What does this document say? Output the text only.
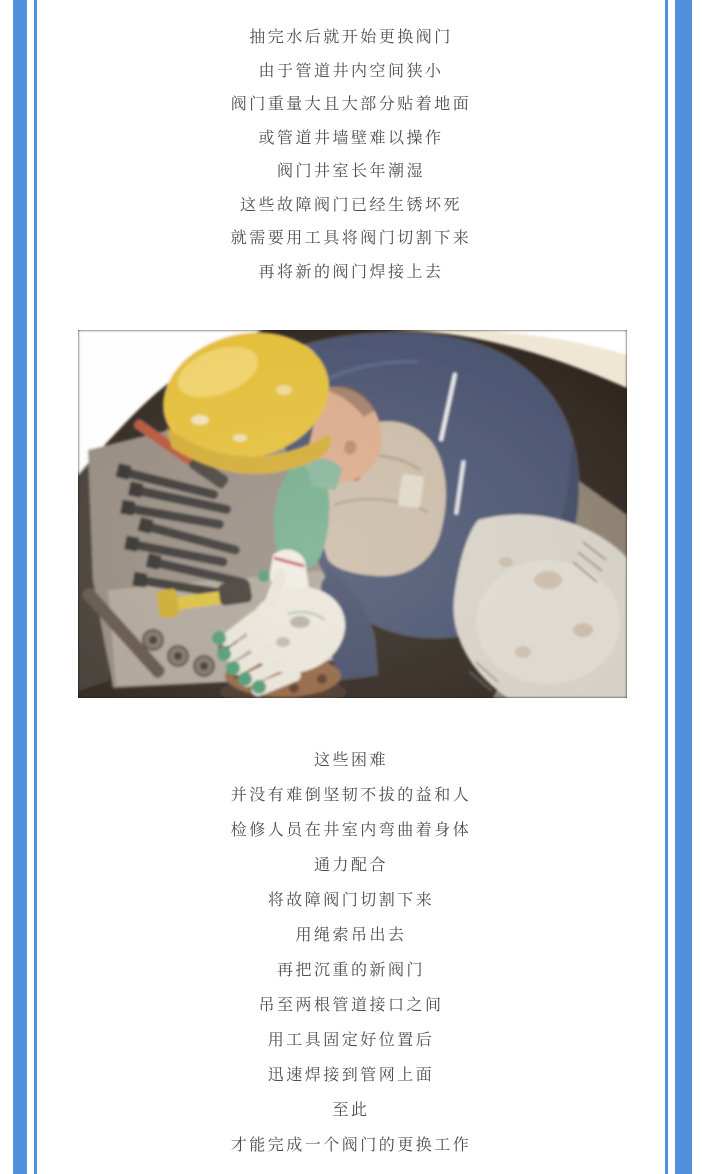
抽完水后就开始更换阀门

由于管道井内空间狭小

阀门重量大且大部分贴着地面

或管道井墙壁难以操作

阀门井室长年潮湿

这些故障阀门已经生锈坏死

就需要用工具将阀门切割下来

再将新的阀门焊接上去

这些困难

并没有难倒坚韧不拔的益和人

检修人员在井室内弯曲着身体

通力配合

将故障阀门切割下来

用绳索吊出去

再把沉重的新阀门

吊至两根管道接口之间

用工具固定好位置后

迅速焊接到管网上面

至此

才能完成一个阀门的更换工作
